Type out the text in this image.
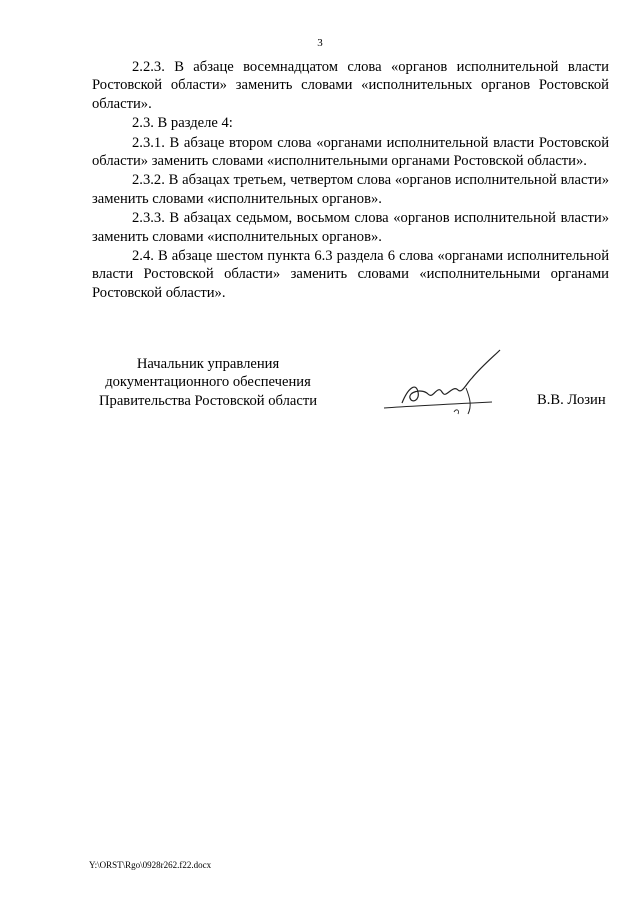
3

2.2.3. В абзаце восемнадцатом слова «органов исполнительной власти Ростовской области» заменить словами «исполнительных органов Ростовской области».

2.3. В разделе 4:

2.3.1. В абзаце втором слова «органами исполнительной власти Ростовской области» заменить словами «исполнительными органами Ростовской области».

2.3.2. В абзацах третьем, четвертом слова «органов исполнительной власти» заменить словами «исполнительных органов».

2.3.3. В абзацах седьмом, восьмом слова «органов исполнительной власти» заменить словами «исполнительных органов».

2.4. В абзаце шестом пункта 6.3 раздела 6 слова «органами исполнительной власти Ростовской области» заменить словами «исполнительными органами Ростовской области».

Начальник управления
документационного обеспечения
Правительства Ростовской области	В.В. Лозин
Y:\ORST\Rgo\0928r262.f22.docx
